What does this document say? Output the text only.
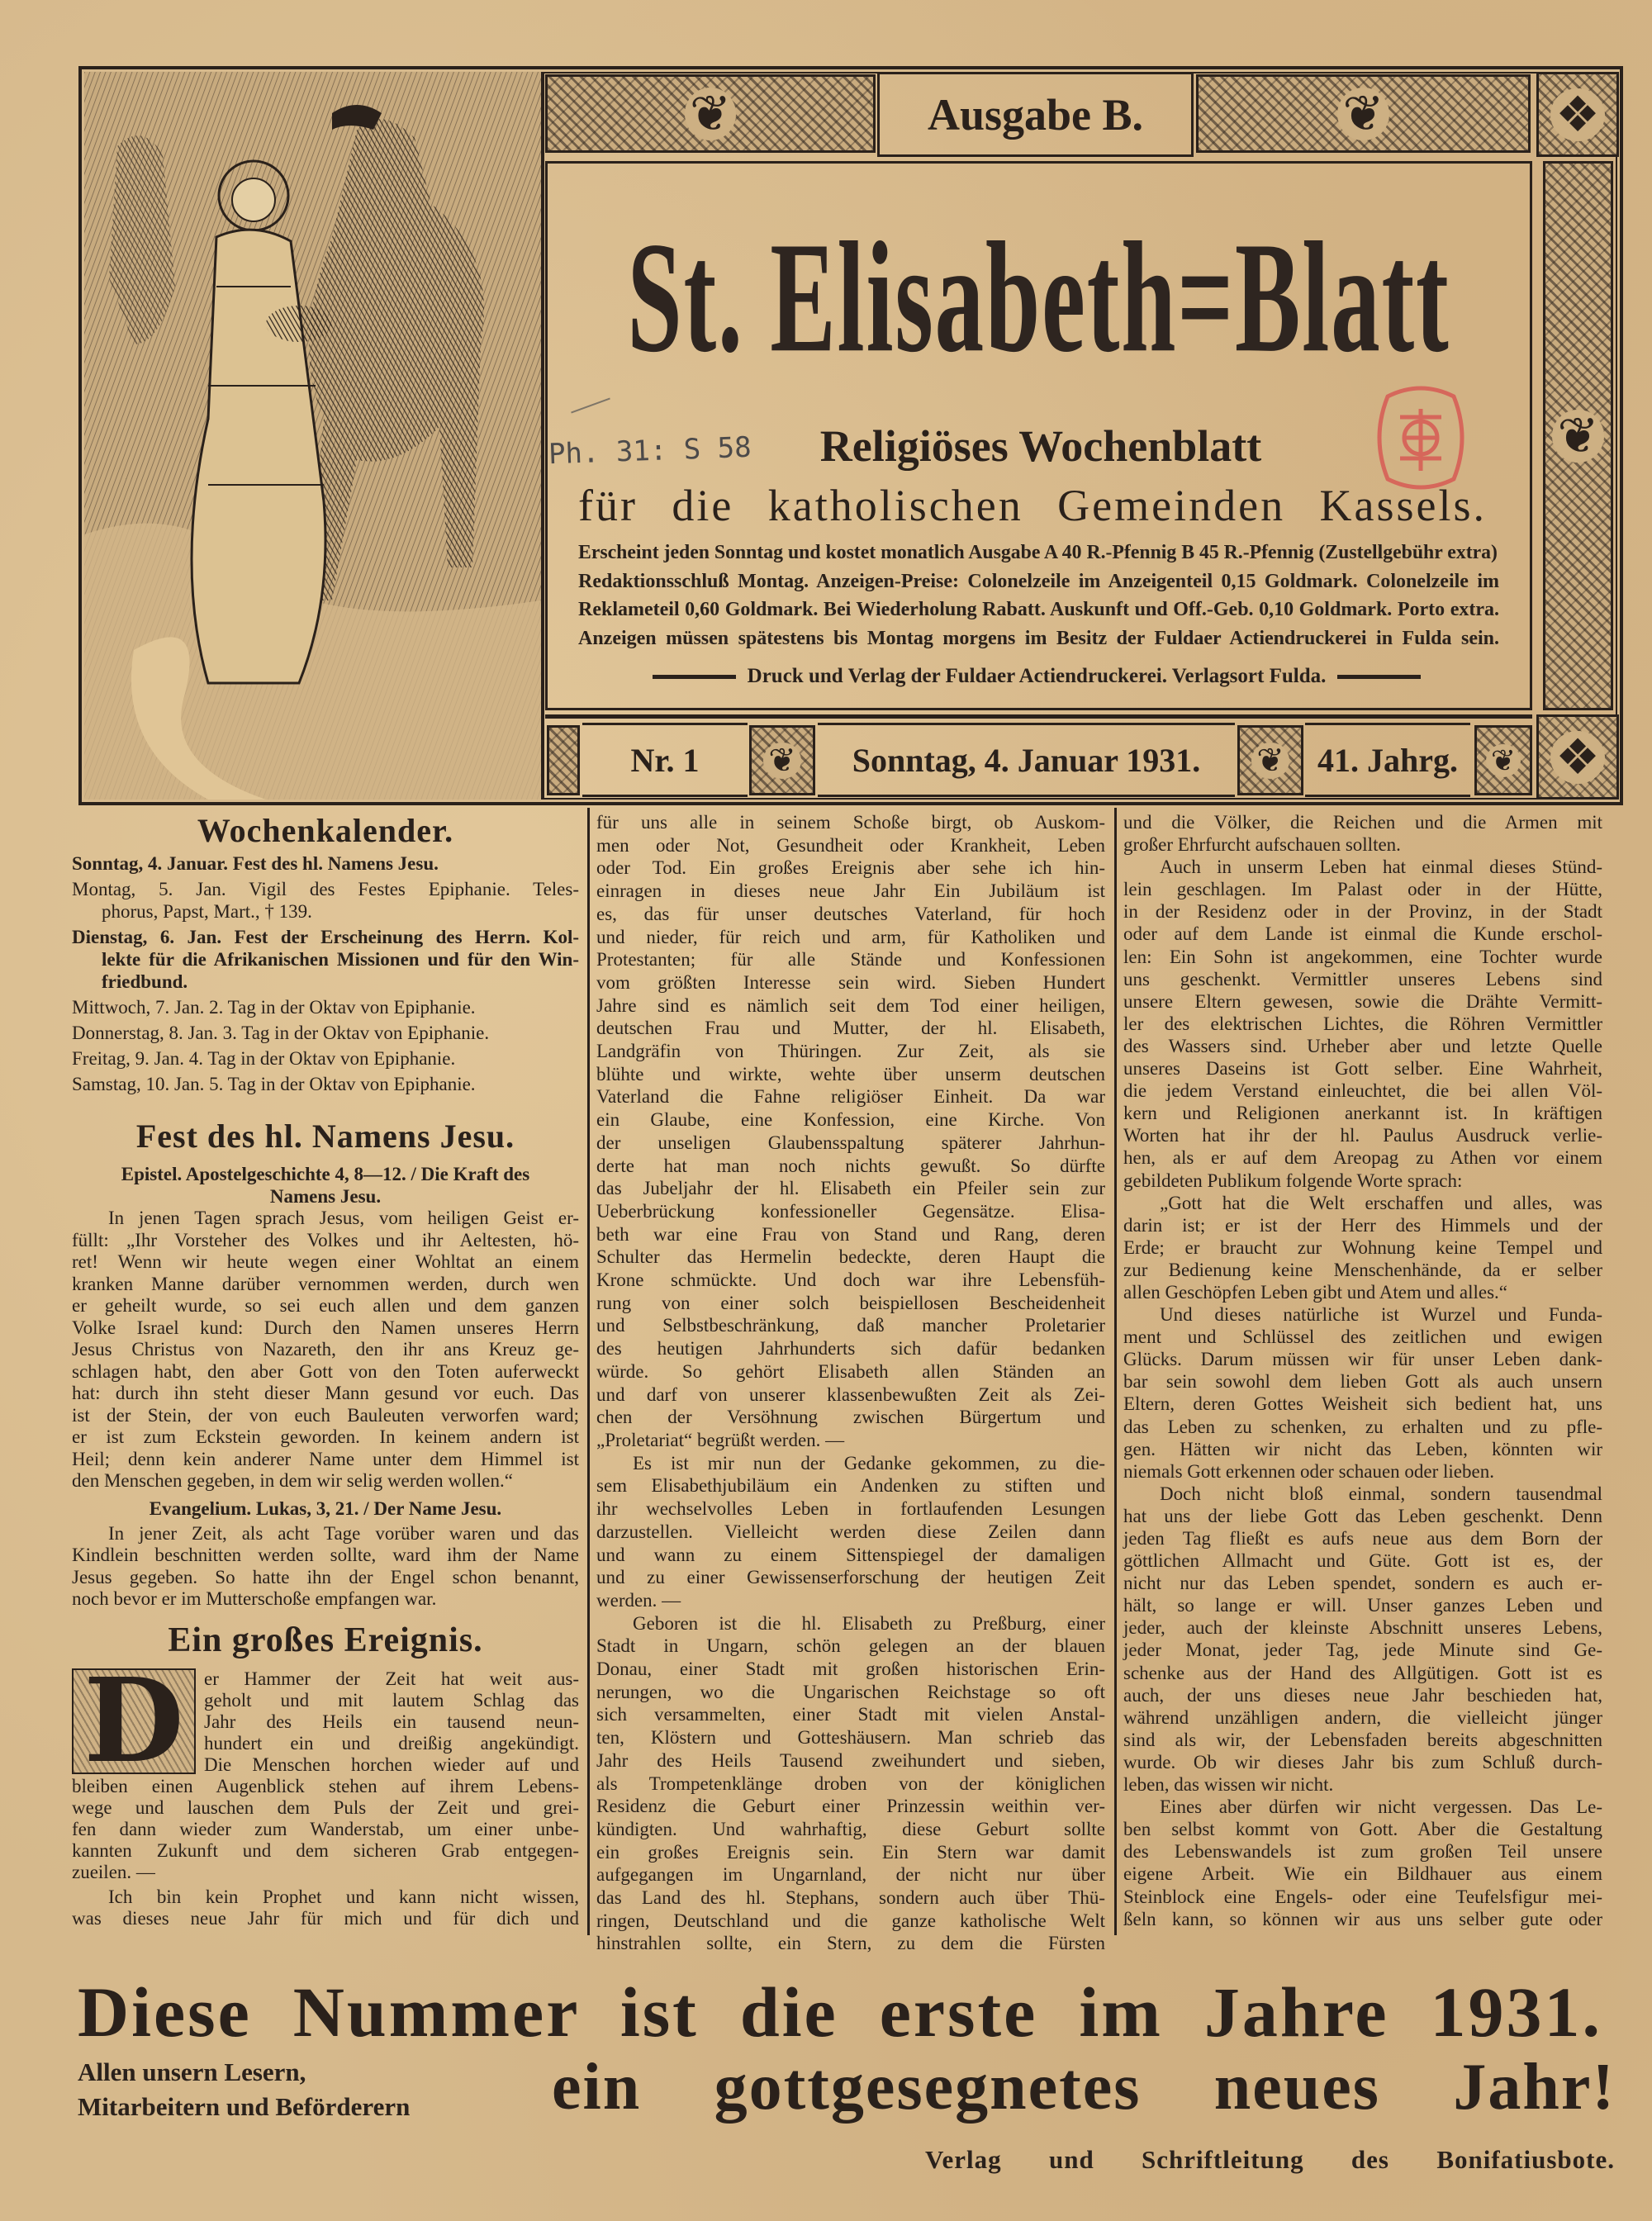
❦	Ausgabe B.	❦	❖
❦
St. Elisabeth=Blatt
Religiöses Wochenblatt
für die katholischen Gemeinden Kassels.
Erscheint jeden Sonntag und kostet monatlich Ausgabe A 40 R.-Pfennig B 45 R.-Pfennig (Zustellgebühr extra)
Redaktionsschluß Montag. Anzeigen-Preise: Colonelzeile im Anzeigenteil 0,15 Goldmark. Colonelzeile im
Reklameteil 0,60 Goldmark. Bei Wiederholung Rabatt. Auskunft und Off.-Geb. 0,10 Goldmark. Porto extra.
Anzeigen müssen spätestens bis Montag morgens im Besitz der Fuldaer Actiendruckerei in Fulda sein.
Druck und Verlag der Fuldaer Actiendruckerei. Verlagsort Fulda.
Nr. 1 ❦ Sonntag, 4. Januar 1931. ❦ 41. Jahrg. ❦ ❖
Ph. 31: S 58
Wochenkalender.
Sonntag, 4. Januar. Fest des hl. Namens Jesu.
Montag, 5. Jan. Vigil des Festes Epiphanie. Teles-
phorus, Papst, Mart., † 139.
Dienstag, 6. Jan. Fest der Erscheinung des Herrn. Kol-
lekte für die Afrikanischen Missionen und für den Win-
friedbund.
Mittwoch, 7. Jan. 2. Tag in der Oktav von Epiphanie.
Donnerstag, 8. Jan. 3. Tag in der Oktav von Epiphanie.
Freitag, 9. Jan. 4. Tag in der Oktav von Epiphanie.
Samstag, 10. Jan. 5. Tag in der Oktav von Epiphanie.
Fest des hl. Namens Jesu.
Epistel. Apostelgeschichte 4, 8—12. / Die Kraft des
Namens Jesu.
In jenen Tagen sprach Jesus, vom heiligen Geist er-
füllt: „Ihr Vorsteher des Volkes und ihr Aeltesten, hö-
ret! Wenn wir heute wegen einer Wohltat an einem
kranken Manne darüber vernommen werden, durch wen
er geheilt wurde, so sei euch allen und dem ganzen
Volke Israel kund: Durch den Namen unseres Herrn
Jesus Christus von Nazareth, den ihr ans Kreuz ge-
schlagen habt, den aber Gott von den Toten auferweckt
hat: durch ihn steht dieser Mann gesund vor euch. Das
ist der Stein, der von euch Bauleuten verworfen ward;
er ist zum Eckstein geworden. In keinem andern ist
Heil; denn kein anderer Name unter dem Himmel ist
den Menschen gegeben, in dem wir selig werden wollen.“
Evangelium. Lukas, 3, 21. / Der Name Jesu.
In jener Zeit, als acht Tage vorüber waren und das
Kindlein beschnitten werden sollte, ward ihm der Name
Jesus gegeben. So hatte ihn der Engel schon benannt,
noch bevor er im Mutterschoße empfangen war.
Ein großes Ereignis.
D er Hammer der Zeit hat weit aus-
geholt und mit lautem Schlag das
Jahr des Heils ein tausend neun-
hundert ein und dreißig angekündigt.
Die Menschen horchen wieder auf und
bleiben einen Augenblick stehen auf ihrem Lebens-
wege und lauschen dem Puls der Zeit und grei-
fen dann wieder zum Wanderstab, um einer unbe-
kannten Zukunft und dem sicheren Grab entgegen-
zueilen. —
Ich bin kein Prophet und kann nicht wissen,
was dieses neue Jahr für mich und für dich und
für uns alle in seinem Schoße birgt, ob Auskom-
men oder Not, Gesundheit oder Krankheit, Leben
oder Tod. Ein großes Ereignis aber sehe ich hin-
einragen in dieses neue Jahr Ein Jubiläum ist
es, das für unser deutsches Vaterland, für hoch
und nieder, für reich und arm, für Katholiken und
Protestanten; für alle Stände und Konfessionen
vom größten Interesse sein wird. Sieben Hundert
Jahre sind es nämlich seit dem Tod einer heiligen,
deutschen Frau und Mutter, der hl. Elisabeth,
Landgräfin von Thüringen. Zur Zeit, als sie
blühte und wirkte, wehte über unserm deutschen
Vaterland die Fahne religiöser Einheit. Da war
ein Glaube, eine Konfession, eine Kirche. Von
der unseligen Glaubensspaltung späterer Jahrhun-
derte hat man noch nichts gewußt. So dürfte
das Jubeljahr der hl. Elisabeth ein Pfeiler sein zur
Ueberbrückung konfessioneller Gegensätze. Elisa-
beth war eine Frau von Stand und Rang, deren
Schulter das Hermelin bedeckte, deren Haupt die
Krone schmückte. Und doch war ihre Lebensfüh-
rung von einer solch beispiellosen Bescheidenheit
und Selbstbeschränkung, daß mancher Proletarier
des heutigen Jahrhunderts sich dafür bedanken
würde. So gehört Elisabeth allen Ständen an
und darf von unserer klassenbewußten Zeit als Zei-
chen der Versöhnung zwischen Bürgertum und
„Proletariat“ begrüßt werden. —
Es ist mir nun der Gedanke gekommen, zu die-
sem Elisabethjubiläum ein Andenken zu stiften und
ihr wechselvolles Leben in fortlaufenden Lesungen
darzustellen. Vielleicht werden diese Zeilen dann
und wann zu einem Sittenspiegel der damaligen
und zu einer Gewissenserforschung der heutigen Zeit
werden. —
Geboren ist die hl. Elisabeth zu Preßburg, einer
Stadt in Ungarn, schön gelegen an der blauen
Donau, einer Stadt mit großen historischen Erin-
nerungen, wo die Ungarischen Reichstage so oft
sich versammelten, einer Stadt mit vielen Anstal-
ten, Klöstern und Gotteshäusern. Man schrieb das
Jahr des Heils Tausend zweihundert und sieben,
als Trompetenklänge droben von der königlichen
Residenz die Geburt einer Prinzessin weithin ver-
kündigten. Und wahrhaftig, diese Geburt sollte
ein großes Ereignis sein. Ein Stern war damit
aufgegangen im Ungarnland, der nicht nur über
das Land des hl. Stephans, sondern auch über Thü-
ringen, Deutschland und die ganze katholische Welt
hinstrahlen sollte, ein Stern, zu dem die Fürsten
und die Völker, die Reichen und die Armen mit
großer Ehrfurcht aufschauen sollten.
Auch in unserm Leben hat einmal dieses Stünd-
lein geschlagen. Im Palast oder in der Hütte,
in der Residenz oder in der Provinz, in der Stadt
oder auf dem Lande ist einmal die Kunde erschol-
len: Ein Sohn ist angekommen, eine Tochter wurde
uns geschenkt. Vermittler unseres Lebens sind
unsere Eltern gewesen, sowie die Drähte Vermitt-
ler des elektrischen Lichtes, die Röhren Vermittler
des Wassers sind. Urheber aber und letzte Quelle
unseres Daseins ist Gott selber. Eine Wahrheit,
die jedem Verstand einleuchtet, die bei allen Völ-
kern und Religionen anerkannt ist. In kräftigen
Worten hat ihr der hl. Paulus Ausdruck verlie-
hen, als er auf dem Areopag zu Athen vor einem
gebildeten Publikum folgende Worte sprach:
„Gott hat die Welt erschaffen und alles, was
darin ist; er ist der Herr des Himmels und der
Erde; er braucht zur Wohnung keine Tempel und
zur Bedienung keine Menschenhände, da er selber
allen Geschöpfen Leben gibt und Atem und alles.“
Und dieses natürliche ist Wurzel und Funda-
ment und Schlüssel des zeitlichen und ewigen
Glücks. Darum müssen wir für unser Leben dank-
bar sein sowohl dem lieben Gott als auch unsern
Eltern, deren Gottes Weisheit sich bedient hat, uns
das Leben zu schenken, zu erhalten und zu pfle-
gen. Hätten wir nicht das Leben, könnten wir
niemals Gott erkennen oder schauen oder lieben.
Doch nicht bloß einmal, sondern tausendmal
hat uns der liebe Gott das Leben geschenkt. Denn
jeden Tag fließt es aufs neue aus dem Born der
göttlichen Allmacht und Güte. Gott ist es, der
nicht nur das Leben spendet, sondern es auch er-
hält, so lange er will. Unser ganzes Leben und
jeder, auch der kleinste Abschnitt unseres Lebens,
jeder Monat, jeder Tag, jede Minute sind Ge-
schenke aus der Hand des Allgütigen. Gott ist es
auch, der uns dieses neue Jahr beschieden hat,
während unzähligen andern, die vielleicht jünger
sind als wir, der Lebensfaden bereits abgeschnitten
wurde. Ob wir dieses Jahr bis zum Schluß durch-
leben, das wissen wir nicht.
Eines aber dürfen wir nicht vergessen. Das Le-
ben selbst kommt von Gott. Aber die Gestaltung
des Lebenswandels ist zum großen Teil unsere
eigene Arbeit. Wie ein Bildhauer aus einem
Steinblock eine Engels- oder eine Teufelsfigur mei-
ßeln kann, so können wir aus uns selber gute oder
Diese Nummer ist die erste im Jahre 1931.
Allen unsern Lesern,
Mitarbeitern und Beförderern ein gottgesegnetes neues Jahr!
Verlag und Schriftleitung des Bonifatiusbote.
